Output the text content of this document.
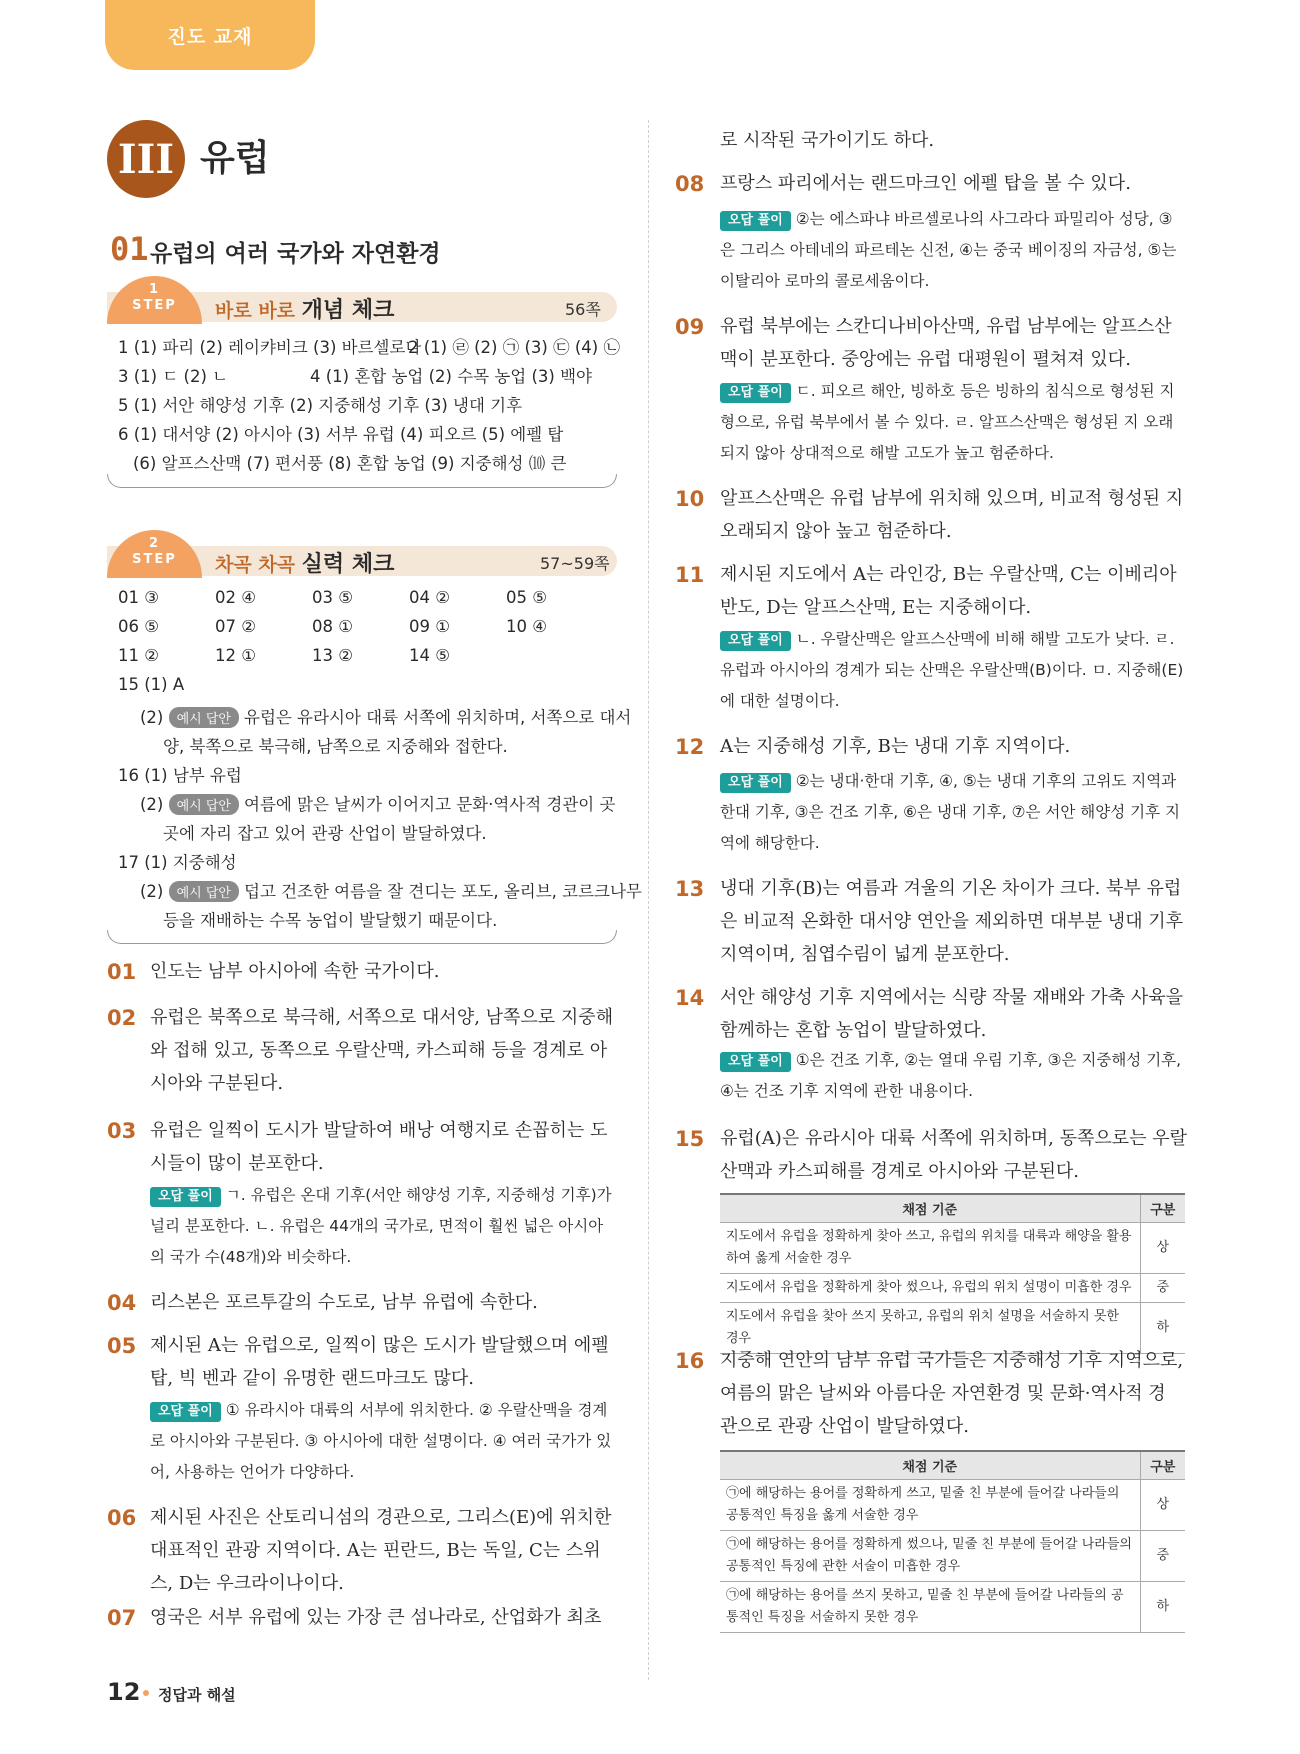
진도 교재
III 유럽
01 유럽의 여러 국가와 자연환경
1
STEP	바로 바로 개념 체크	56쪽
1 (1) 파리 (2) 레이캬비크 (3) 바르셀로나
2 (1) ㉣ (2) ㉠ (3) ㉢ (4) ㉡
3 (1) ㄷ (2) ㄴ	4 (1) 혼합 농업 (2) 수목 농업 (3) 백야
5 (1) 서안 해양성 기후 (2) 지중해성 기후 (3) 냉대 기후
6 (1) 대서양 (2) 아시아 (3) 서부 유럽 (4) 피오르 (5) 에펠 탑
(6) 알프스산맥 (7) 편서풍 (8) 혼합 농업 (9) 지중해성 ⑽ 큰
2
STEP	차곡 차곡 실력 체크	57~59쪽
01 ③	02 ④	03 ⑤	04 ②	05 ⑤
06 ⑤	07 ②	08 ①	09 ①	10 ④
11 ②	12 ①	13 ②	14 ⑤
15 (1) A
(2) 예시 답안 유럽은 유라시아 대륙 서쪽에 위치하며, 서쪽으로 대서
양, 북쪽으로 북극해, 남쪽으로 지중해와 접한다.
16 (1) 남부 유럽
(2) 예시 답안 여름에 맑은 날씨가 이어지고 문화·역사적 경관이 곳
곳에 자리 잡고 있어 관광 산업이 발달하였다.
17 (1) 지중해성
(2) 예시 답안 덥고 건조한 여름을 잘 견디는 포도, 올리브, 코르크나무
등을 재배하는 수목 농업이 발달했기 때문이다.
01 인도는 남부 아시아에 속한 국가이다.
02 유럽은 북쪽으로 북극해, 서쪽으로 대서양, 남쪽으로 지중해
와 접해 있고, 동쪽으로 우랄산맥, 카스피해 등을 경계로 아
시아와 구분된다.
03 유럽은 일찍이 도시가 발달하여 배낭 여행지로 손꼽히는 도
시들이 많이 분포한다.
오답 풀이 ㄱ. 유럽은 온대 기후(서안 해양성 기후, 지중해성 기후)가
널리 분포한다. ㄴ. 유럽은 44개의 국가로, 면적이 훨씬 넓은 아시아
의 국가 수(48개)와 비슷하다.
04 리스본은 포르투갈의 수도로, 남부 유럽에 속한다.
05 제시된 A는 유럽으로, 일찍이 많은 도시가 발달했으며 에펠
탑, 빅 벤과 같이 유명한 랜드마크도 많다.
오답 풀이 ① 유라시아 대륙의 서부에 위치한다. ② 우랄산맥을 경계
로 아시아와 구분된다. ③ 아시아에 대한 설명이다. ④ 여러 국가가 있
어, 사용하는 언어가 다양하다.
06 제시된 사진은 산토리니섬의 경관으로, 그리스(E)에 위치한
대표적인 관광 지역이다. A는 핀란드, B는 독일, C는 스위
스, D는 우크라이나이다.
07 영국은 서부 유럽에 있는 가장 큰 섬나라로, 산업화가 최초
로 시작된 국가이기도 하다.
08 프랑스 파리에서는 랜드마크인 에펠 탑을 볼 수 있다.
오답 풀이 ②는 에스파냐 바르셀로나의 사그라다 파밀리아 성당, ③
은 그리스 아테네의 파르테논 신전, ④는 중국 베이징의 자금성, ⑤는
이탈리아 로마의 콜로세움이다.
09 유럽 북부에는 스칸디나비아산맥, 유럽 남부에는 알프스산
맥이 분포한다. 중앙에는 유럽 대평원이 펼쳐져 있다.
오답 풀이 ㄷ. 피오르 해안, 빙하호 등은 빙하의 침식으로 형성된 지
형으로, 유럽 북부에서 볼 수 있다. ㄹ. 알프스산맥은 형성된 지 오래
되지 않아 상대적으로 해발 고도가 높고 험준하다.
10 알프스산맥은 유럽 남부에 위치해 있으며, 비교적 형성된 지
오래되지 않아 높고 험준하다.
11 제시된 지도에서 A는 라인강, B는 우랄산맥, C는 이베리아
반도, D는 알프스산맥, E는 지중해이다.
오답 풀이 ㄴ. 우랄산맥은 알프스산맥에 비해 해발 고도가 낮다. ㄹ.
유럽과 아시아의 경계가 되는 산맥은 우랄산맥(B)이다. ㅁ. 지중해(E)
에 대한 설명이다.
12 A는 지중해성 기후, B는 냉대 기후 지역이다.
오답 풀이 ②는 냉대·한대 기후, ④, ⑤는 냉대 기후의 고위도 지역과
한대 기후, ③은 건조 기후, ⑥은 냉대 기후, ⑦은 서안 해양성 기후 지
역에 해당한다.
13 냉대 기후(B)는 여름과 겨울의 기온 차이가 크다. 북부 유럽
은 비교적 온화한 대서양 연안을 제외하면 대부분 냉대 기후
지역이며, 침엽수림이 넓게 분포한다.
14 서안 해양성 기후 지역에서는 식량 작물 재배와 가축 사육을
함께하는 혼합 농업이 발달하였다.
오답 풀이 ①은 건조 기후, ②는 열대 우림 기후, ③은 지중해성 기후,
④는 건조 기후 지역에 관한 내용이다.
15 유럽(A)은 유라시아 대륙 서쪽에 위치하며, 동쪽으로는 우랄
산맥과 카스피해를 경계로 아시아와 구분된다.
채점 기준	구분
지도에서 유럽을 정확하게 찾아 쓰고, 유럽의 위치를 대륙과 해양을 활용하여 옳게 서술한 경우	상
지도에서 유럽을 정확하게 찾아 썼으나, 유럽의 위치 설명이 미흡한 경우	중
지도에서 유럽을 찾아 쓰지 못하고, 유럽의 위치 설명을 서술하지 못한 경우	하
16 지중해 연안의 남부 유럽 국가들은 지중해성 기후 지역으로,
여름의 맑은 날씨와 아름다운 자연환경 및 문화·역사적 경
관으로 관광 산업이 발달하였다.
채점 기준	구분
㉠에 해당하는 용어를 정확하게 쓰고, 밑줄 친 부분에 들어갈 나라들의 공통적인 특징을 옳게 서술한 경우	상
㉠에 해당하는 용어를 정확하게 썼으나, 밑줄 친 부분에 들어갈 나라들의 공통적인 특징에 관한 서술이 미흡한 경우	중
㉠에 해당하는 용어를 쓰지 못하고, 밑줄 친 부분에 들어갈 나라들의 공통적인 특징을 서술하지 못한 경우	하
12 정답과 해설
